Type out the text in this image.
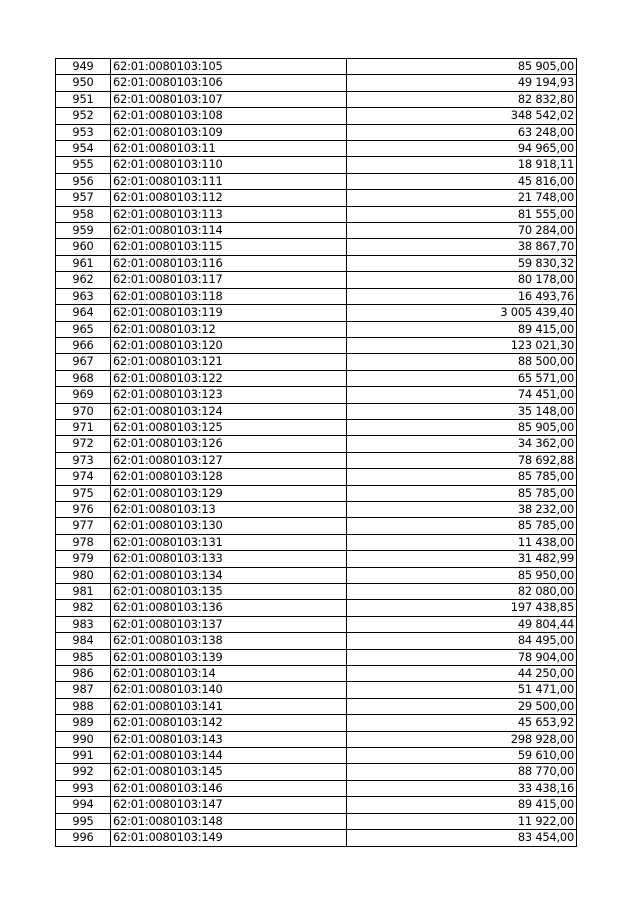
949	62:01:0080103:105	85 905,00
950	62:01:0080103:106	49 194,93
951	62:01:0080103:107	82 832,80
952	62:01:0080103:108	348 542,02
953	62:01:0080103:109	63 248,00
954	62:01:0080103:11	94 965,00
955	62:01:0080103:110	18 918,11
956	62:01:0080103:111	45 816,00
957	62:01:0080103:112	21 748,00
958	62:01:0080103:113	81 555,00
959	62:01:0080103:114	70 284,00
960	62:01:0080103:115	38 867,70
961	62:01:0080103:116	59 830,32
962	62:01:0080103:117	80 178,00
963	62:01:0080103:118	16 493,76
964	62:01:0080103:119	3 005 439,40
965	62:01:0080103:12	89 415,00
966	62:01:0080103:120	123 021,30
967	62:01:0080103:121	88 500,00
968	62:01:0080103:122	65 571,00
969	62:01:0080103:123	74 451,00
970	62:01:0080103:124	35 148,00
971	62:01:0080103:125	85 905,00
972	62:01:0080103:126	34 362,00
973	62:01:0080103:127	78 692,88
974	62:01:0080103:128	85 785,00
975	62:01:0080103:129	85 785,00
976	62:01:0080103:13	38 232,00
977	62:01:0080103:130	85 785,00
978	62:01:0080103:131	11 438,00
979	62:01:0080103:133	31 482,99
980	62:01:0080103:134	85 950,00
981	62:01:0080103:135	82 080,00
982	62:01:0080103:136	197 438,85
983	62:01:0080103:137	49 804,44
984	62:01:0080103:138	84 495,00
985	62:01:0080103:139	78 904,00
986	62:01:0080103:14	44 250,00
987	62:01:0080103:140	51 471,00
988	62:01:0080103:141	29 500,00
989	62:01:0080103:142	45 653,92
990	62:01:0080103:143	298 928,00
991	62:01:0080103:144	59 610,00
992	62:01:0080103:145	88 770,00
993	62:01:0080103:146	33 438,16
994	62:01:0080103:147	89 415,00
995	62:01:0080103:148	11 922,00
996	62:01:0080103:149	83 454,00
